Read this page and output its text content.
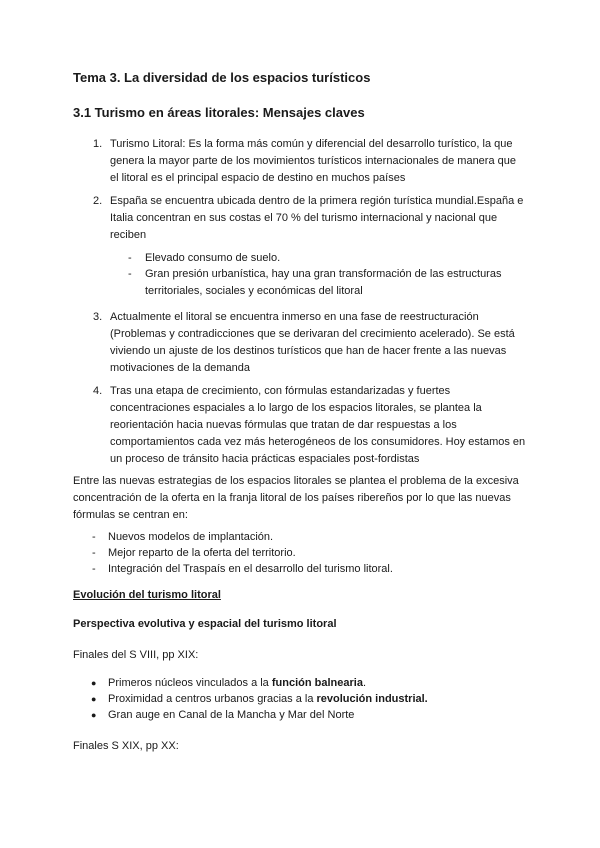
Tema 3. La diversidad de los espacios turísticos
3.1 Turismo en áreas litorales: Mensajes claves
1. Turismo Litoral: Es la forma más común y diferencial del desarrollo turístico, la que
genera la mayor parte de los movimientos turísticos internacionales de manera que
el litoral es el principal espacio de destino en muchos países
2. España se encuentra ubicada dentro de la primera región turística mundial.España e
Italia concentran en sus costas el 70 % del turismo internacional y nacional que
reciben
- Elevado consumo de suelo.
- Gran presión urbanística, hay una gran transformación de las estructuras
territoriales, sociales y económicas del litoral
3. Actualmente el litoral se encuentra inmerso en una fase de reestructuración
(Problemas y contradicciones que se derivaran del crecimiento acelerado). Se está
viviendo un ajuste de los destinos turísticos que han de hacer frente a las nuevas
motivaciones de la demanda
4. Tras una etapa de crecimiento, con fórmulas estandarizadas y fuertes
concentraciones espaciales a lo largo de los espacios litorales, se plantea la
reorientación hacia nuevas fórmulas que tratan de dar respuestas a los
comportamientos cada vez más heterogéneos de los consumidores. Hoy estamos en
un proceso de tránsito hacia prácticas espaciales post-fordistas
Entre las nuevas estrategias de los espacios litorales se plantea el problema de la excesiva
concentración de la oferta en la franja litoral de los países ribereños por lo que las nuevas
fórmulas se centran en:
- Nuevos modelos de implantación.
- Mejor reparto de la oferta del territorio.
- Integración del Traspaís en el desarrollo del turismo litoral.
Evolución del turismo litoral
Perspectiva evolutiva y espacial del turismo litoral
Finales del S VIII, pp XIX:
● Primeros núcleos vinculados a la función balnearia.
● Proximidad a centros urbanos gracias a la revolución industrial.
● Gran auge en Canal de la Mancha y Mar del Norte
Finales S XIX, pp XX:
